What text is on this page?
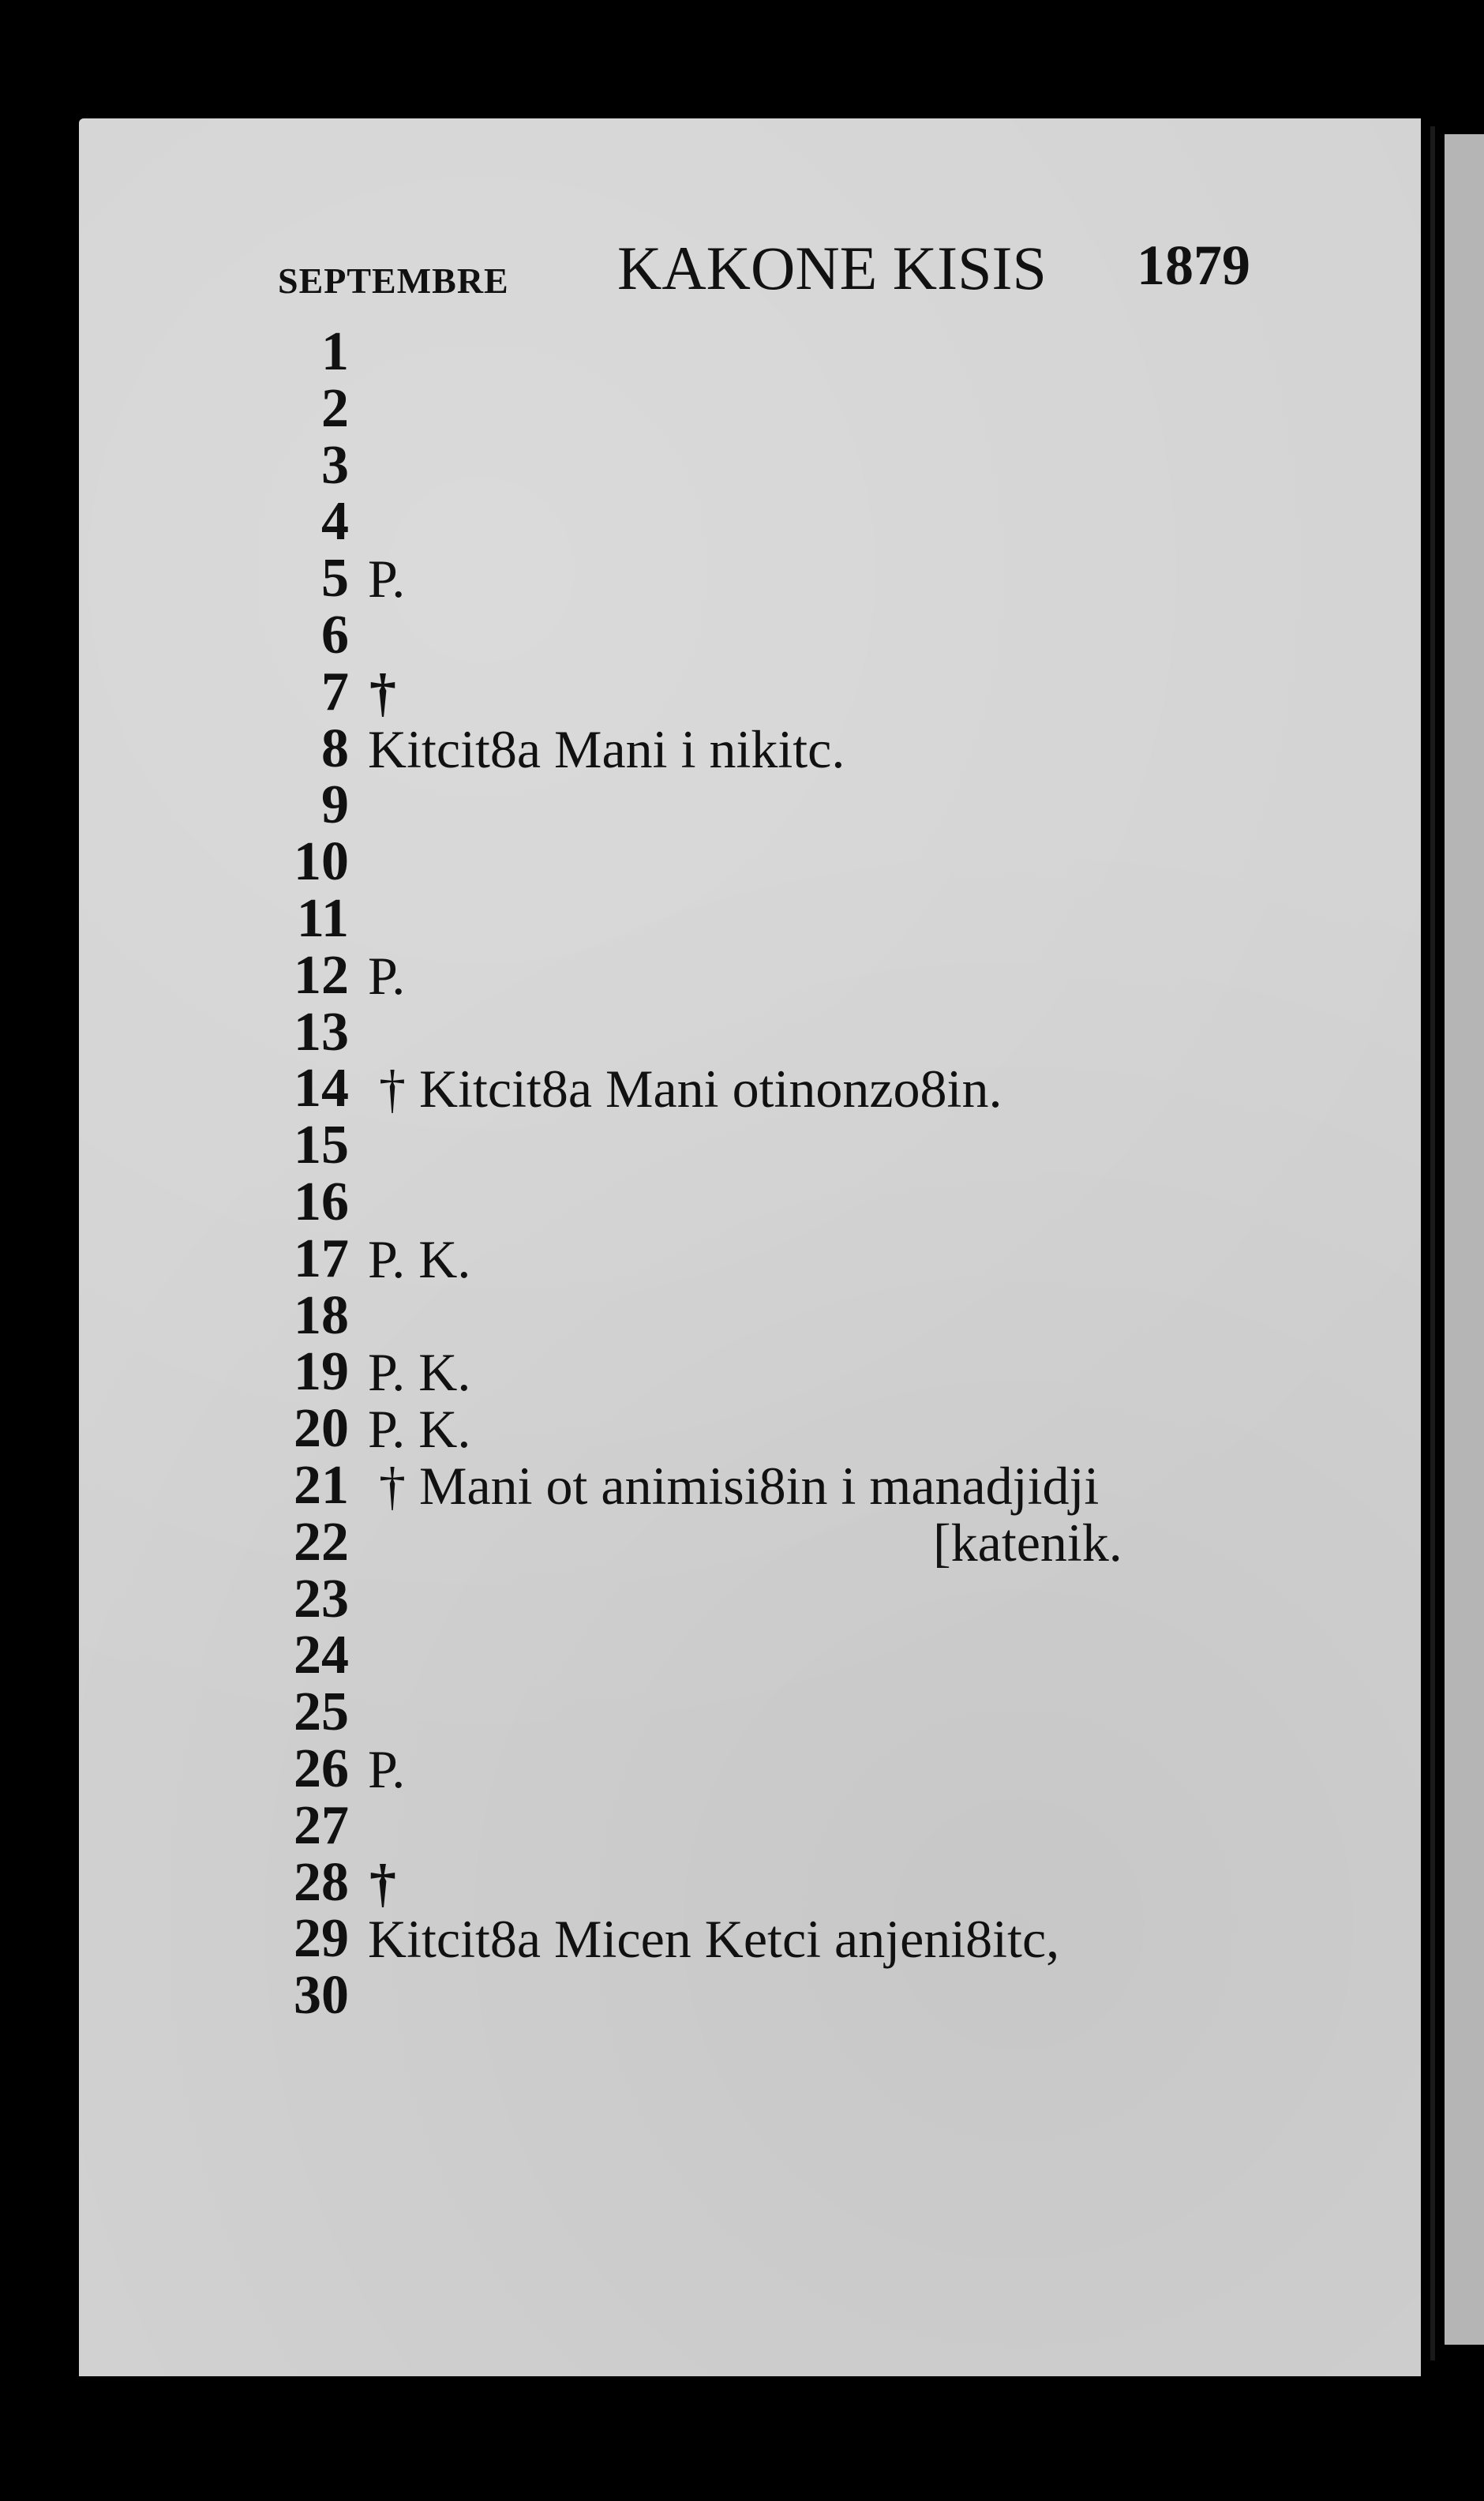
SEPTEMBRE KAKONE KISIS 1879
1
2
3
4
5 P.
6
7 †
8 Kitcit8a Mani i nikitc.
9
10
11
12 P.
13
14 † Kitcit8a Mani otinonzo8in.
15
16
17 P. K.
18
19 P. K.
20 P. K.
21 † Mani ot animisi8in i manadjidji
22	[katenik.
23
24
25
26 P.
27
28 †
29 Kitcit8a Micen Ketci anjeni8itc,
30
